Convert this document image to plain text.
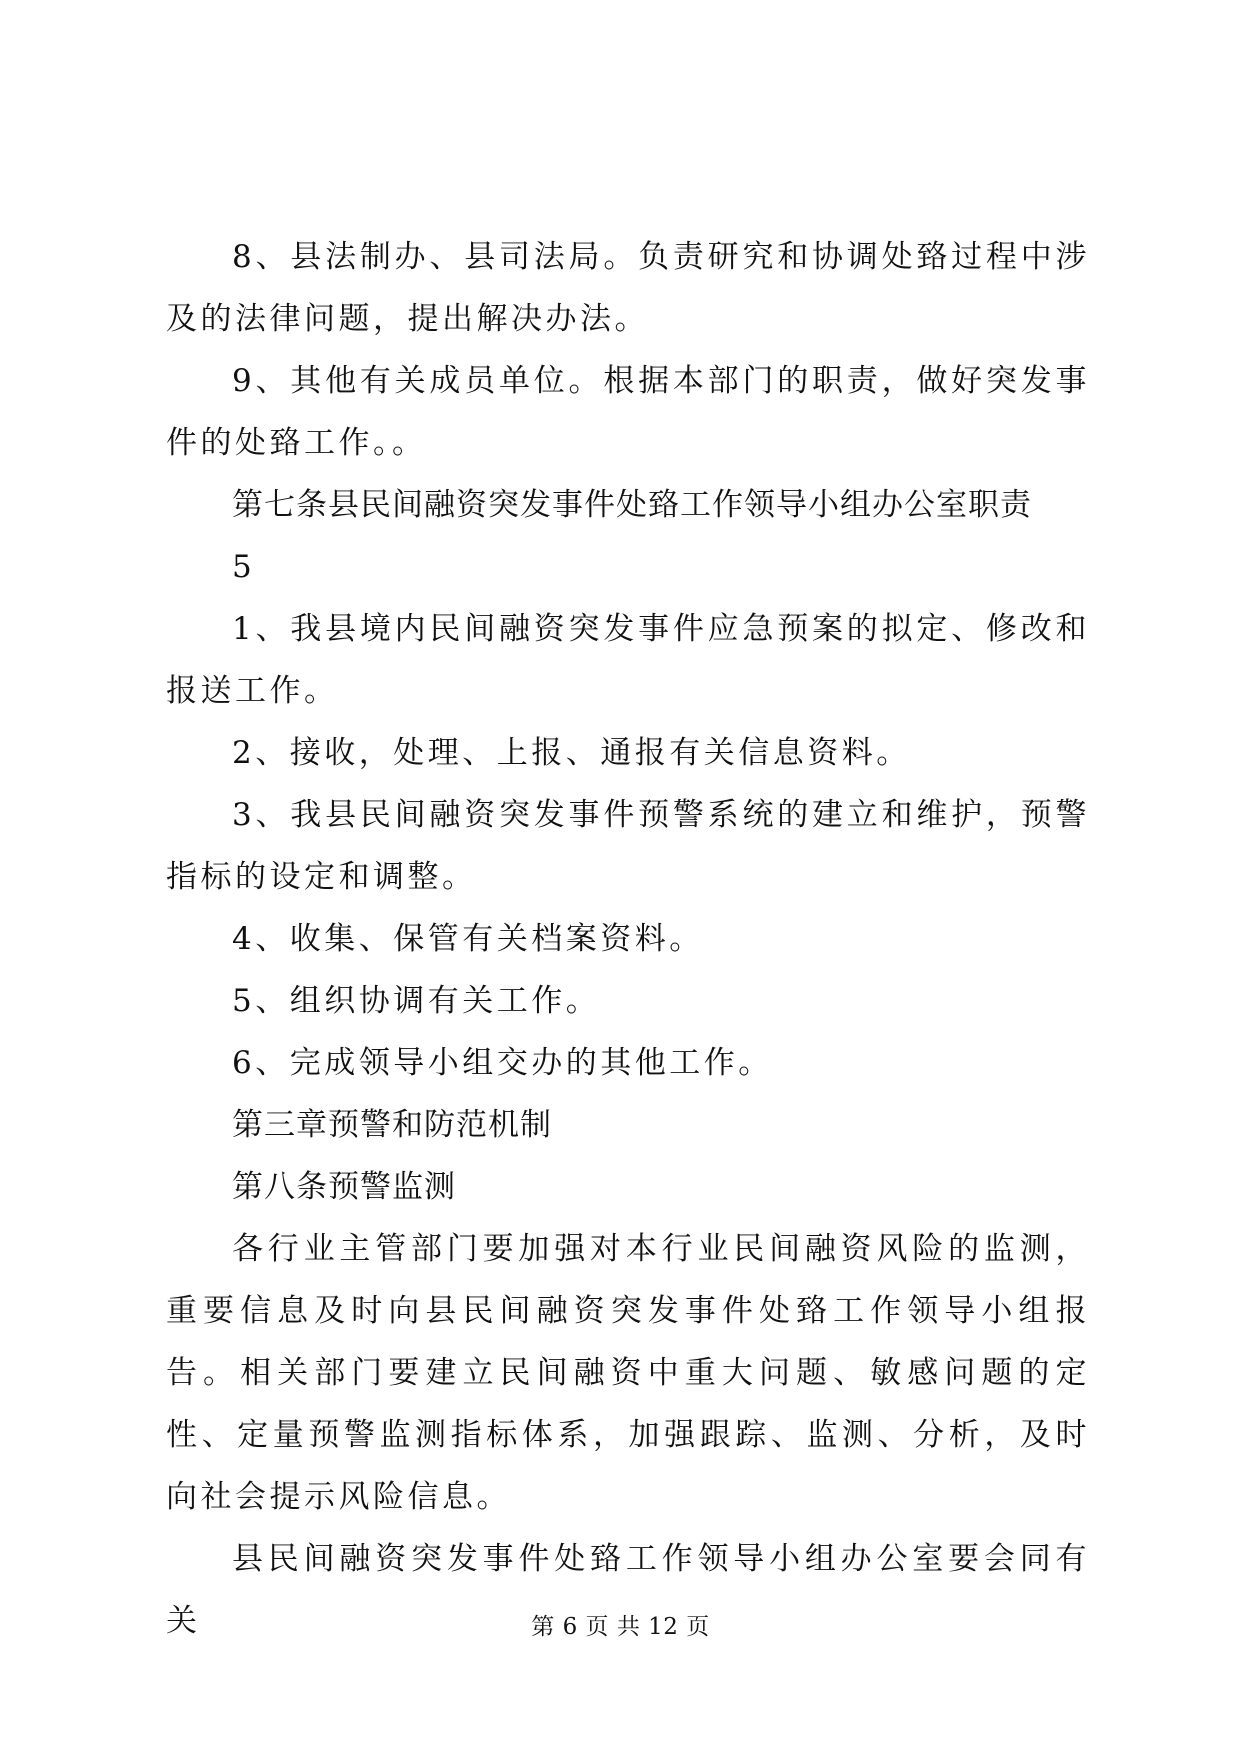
8、县法制办、县司法局。负责研究和协调处臵过程中涉及的法律问题，提出解决办法。

9、其他有关成员单位。根据本部门的职责，做好突发事件的处臵工作。。

第七条县民间融资突发事件处臵工作领导小组办公室职责

5

1、我县境内民间融资突发事件应急预案的拟定、修改和报送工作。

2、接收，处理、上报、通报有关信息资料。

3、我县民间融资突发事件预警系统的建立和维护，预警指标的设定和调整。

4、收集、保管有关档案资料。

5、组织协调有关工作。

6、完成领导小组交办的其他工作。

第三章预警和防范机制

第八条预警监测

各行业主管部门要加强对本行业民间融资风险的监测，重要信息及时向县民间融资突发事件处臵工作领导小组报告。相关部门要建立民间融资中重大问题、敏感问题的定性、定量预警监测指标体系，加强跟踪、监测、分析，及时向社会提示风险信息。

县民间融资突发事件处臵工作领导小组办公室要会同有关	第 6 页 共 12 页
